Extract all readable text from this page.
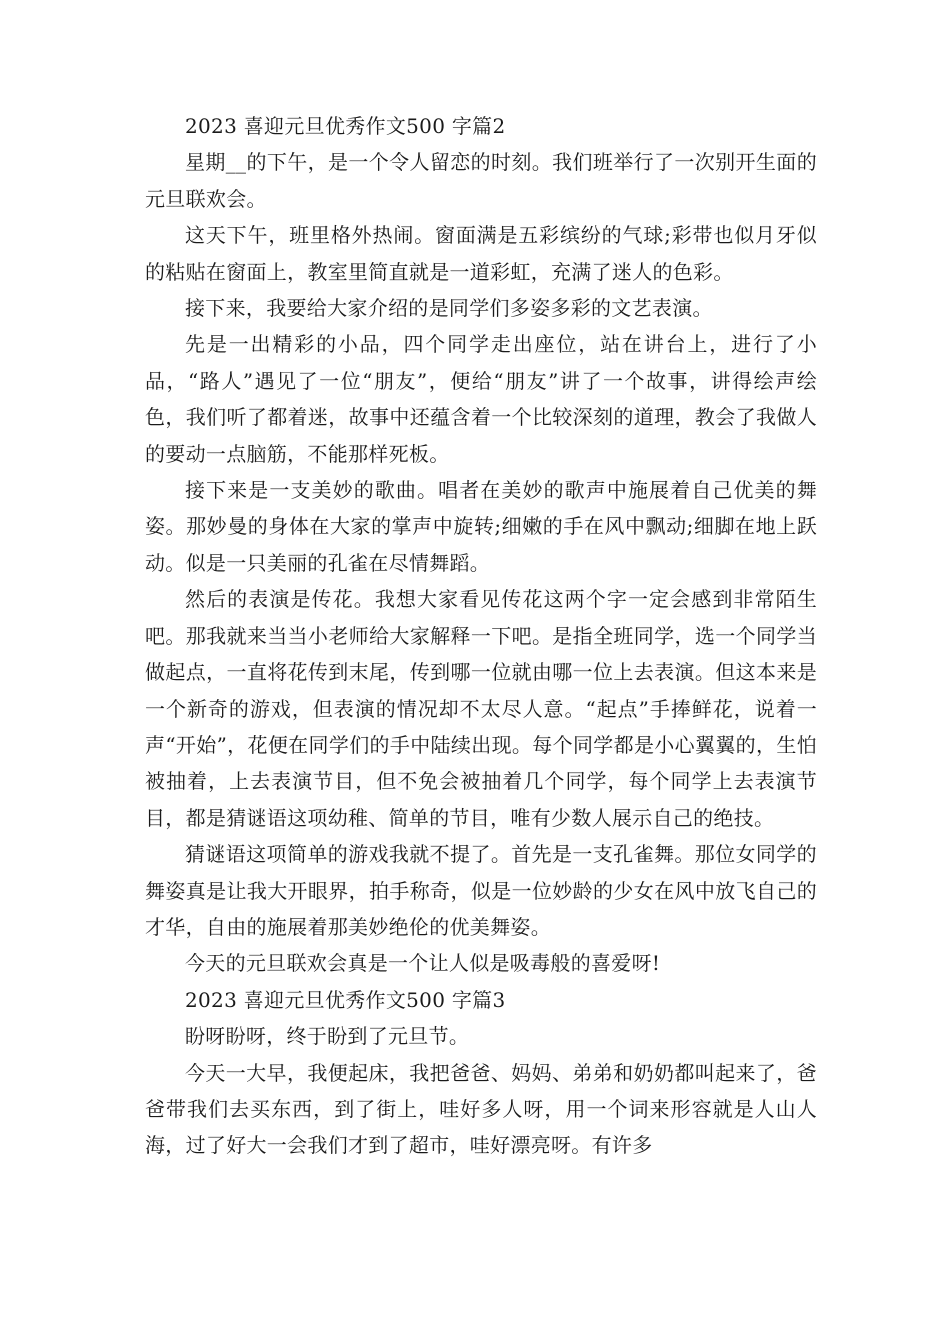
2023 喜迎元旦优秀作文500 字篇2

星期__的下午，是一个令人留恋的时刻。我们班举行了一次别开生面的元旦联欢会。

这天下午，班里格外热闹。窗面满是五彩缤纷的气球;彩带也似月牙似的粘贴在窗面上，教室里简直就是一道彩虹，充满了迷人的色彩。

接下来，我要给大家介绍的是同学们多姿多彩的文艺表演。

先是一出精彩的小品，四个同学走出座位，站在讲台上，进行了小品，“路人”遇见了一位“朋友”，便给“朋友”讲了一个故事，讲得绘声绘色，我们听了都着迷，故事中还蕴含着一个比较深刻的道理，教会了我做人的要动一点脑筋，不能那样死板。

接下来是一支美妙的歌曲。唱者在美妙的歌声中施展着自己优美的舞姿。那妙曼的身体在大家的掌声中旋转;细嫩的手在风中飘动;细脚在地上跃动。似是一只美丽的孔雀在尽情舞蹈。

然后的表演是传花。我想大家看见传花这两个字一定会感到非常陌生吧。那我就来当当小老师给大家解释一下吧。是指全班同学，选一个同学当做起点，一直将花传到末尾，传到哪一位就由哪一位上去表演。但这本来是一个新奇的游戏，但表演的情况却不太尽人意。“起点”手捧鲜花，说着一声“开始”，花便在同学们的手中陆续出现。每个同学都是小心翼翼的，生怕被抽着，上去表演节目，但不免会被抽着几个同学，每个同学上去表演节目，都是猜谜语这项幼稚、简单的节目，唯有少数人展示自己的绝技。

猜谜语这项简单的游戏我就不提了。首先是一支孔雀舞。那位女同学的舞姿真是让我大开眼界，拍手称奇，似是一位妙龄的少女在风中放飞自己的才华，自由的施展着那美妙绝伦的优美舞姿。

今天的元旦联欢会真是一个让人似是吸毒般的喜爱呀!

2023 喜迎元旦优秀作文500 字篇3

盼呀盼呀，终于盼到了元旦节。

今天一大早，我便起床，我把爸爸、妈妈、弟弟和奶奶都叫起来了，爸爸带我们去买东西，到了街上，哇好多人呀，用一个词来形容就是人山人海，过了好大一会我们才到了超市，哇好漂亮呀。有许多
